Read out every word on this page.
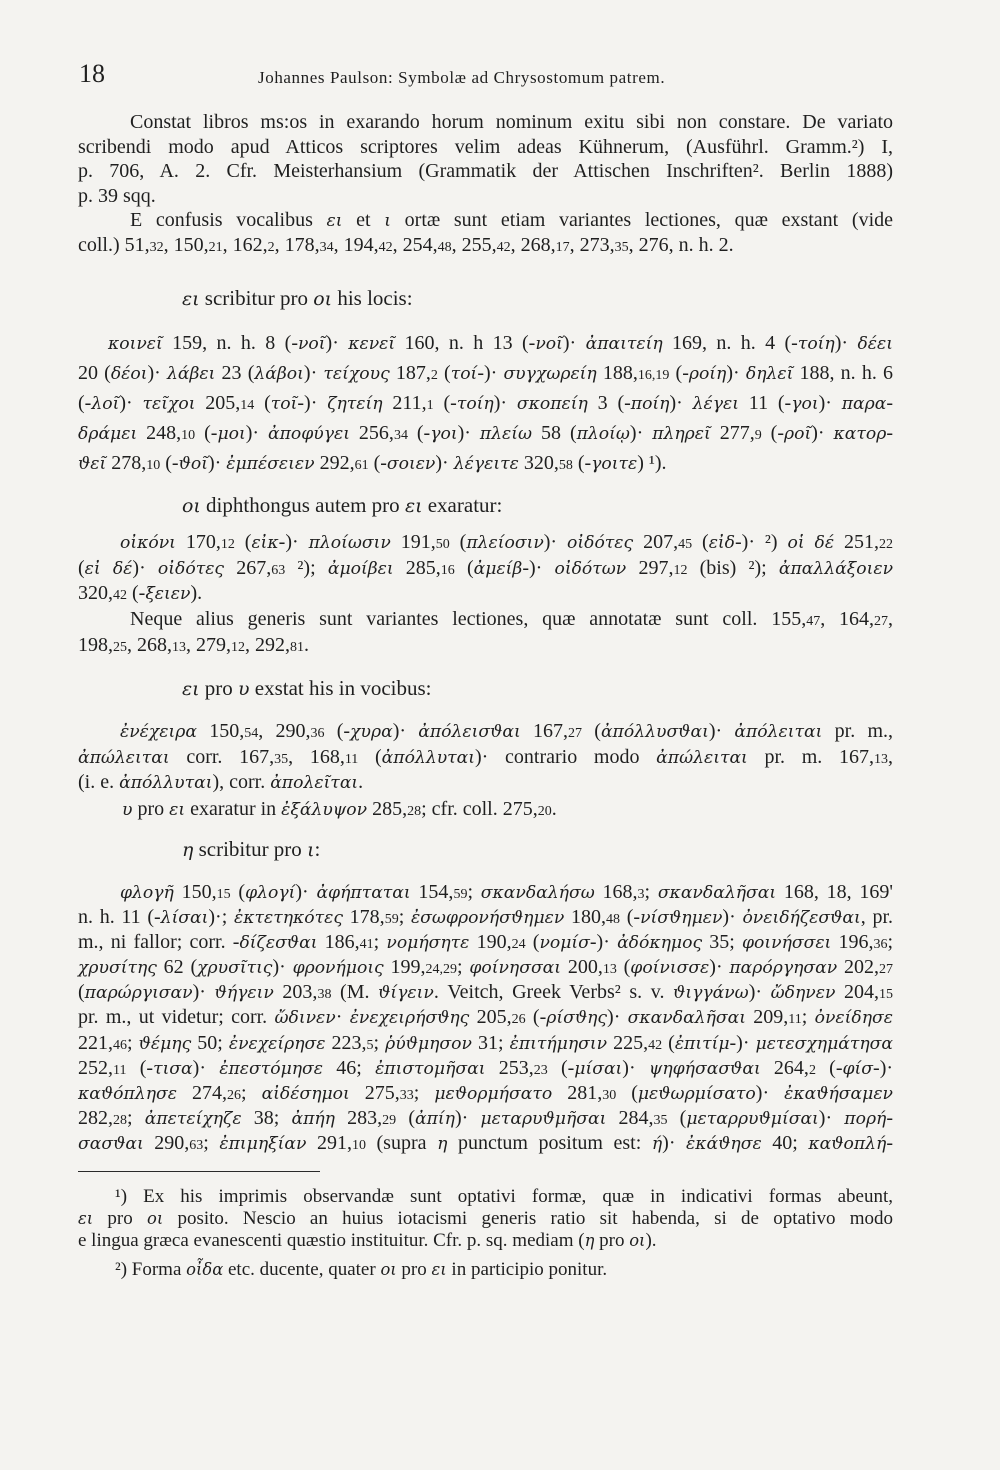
18	Johannes Paulson: Symbolæ ad Chrysostomum patrem.
Constat libros ms:os in exarando horum nominum exitu sibi non constare. De variato
scribendi modo apud Atticos scriptores velim adeas Kühnerum, (Ausführl. Gramm.²) I,
p. 706, A. 2. Cfr. Meisterhansium (Grammatik der Attischen Inschriften². Berlin 1888)
p. 39 sqq.
E confusis vocalibus ει et ι ortæ sunt etiam variantes lectiones, quæ exstant (vide
coll.) 51,32, 150,21, 162,2, 178,34, 194,42, 254,48, 255,42, 268,17, 273,35, 276, n. h. 2.
ει scribitur pro οι his locis:
κοινεῖ 159, n. h. 8 (-νοῖ)· κενεῖ 160, n. h 13 (-νοῖ)· ἀπαιτείη 169, n. h. 4 (-τοίη)· δέει
20 (δέοι)· λάβει 23 (λάβοι)· τείχους 187,2 (τοί-)· συγχωρείη 188,16,19 (-ροίη)· δηλεῖ 188, n. h. 6
(-λοῖ)· τεῖχοι 205,14 (τοῖ-)· ζητείη 211,1 (-τοίη)· σκοπείη 3 (-ποίη)· λέγει 11 (-γοι)· παρα-
δράμει 248,10 (-μοι)· ἀποφύγει 256,34 (-γοι)· πλείω 58 (πλοίῳ)· πληρεῖ 277,9 (-ροῖ)· κατορ-
ϑεῖ 278,10 (-ϑοῖ)· ἐμπέσειεν 292,61 (-σοιεν)· λέγειτε 320,58 (-γοιτε) ¹).
οι diphthongus autem pro ει exaratur:
οἰκόνι 170,12 (εἰκ-)· πλοίωσιν 191,50 (πλείοσιν)· οἰδότες 207,45 (εἰδ-)· ²) οἱ δέ 251,22
(εἰ δέ)· οἰδότες 267,63 ²); ἀμοίβει 285,16 (ἀμείβ-)· οἰδότων 297,12 (bis) ²); ἀπαλλάξοιεν
320,42 (-ξειεν).
Neque alius generis sunt variantes lectiones, quæ annotatæ sunt coll. 155,47, 164,27,
198,25, 268,13, 279,12, 292,81.
ει pro υ exstat his in vocibus:
ἐνέχειρα 150,54, 290,36 (-χυρα)· ἀπόλεισϑαι 167,27 (ἀπόλλυσϑαι)· ἀπόλειται pr. m.,
ἀπώλειται corr. 167,35, 168,11 (ἀπόλλυται)· contrario modo ἀπώλειται pr. m. 167,13,
(i. e. ἀπόλλυται), corr. ἀπολεῖται.
υ pro ει exaratur in ἐξάλυψον 285,28; cfr. coll. 275,20.
η scribitur pro ι:
φλογῆ 150,15 (φλογί)· ἀφήπταται 154,59; σκανδαλήσω 168,3; σκανδαλῆσαι 168, 18, 169'
n. h. 11 (-λίσαι)·; ἐκτετηκότες 178,59; ἐσωφρονήσϑημεν 180,48 (-νίσϑημεν)· ὀνειδήζεσϑαι, pr.
m., ni fallor; corr. -δίζεσϑαι 186,41; νομήσητε 190,24 (νομίσ-)· ἀδόκημος 35; φοινήσσει 196,36;
χρυσίτης 62 (χρυσῖτις)· φρονήμοις 199,24,29; φοίνησσαι 200,13 (φοίνισσε)· παρόργησαν 202,27
(παρώργισαν)· ϑήγειν 203,38 (M. ϑίγειν. Veitch, Greek Verbs² s. v. ϑιγγάνω)· ὤδηνεν 204,15
pr. m., ut videtur; corr. ὤδινεν· ἐνεχειρήσϑης 205,26 (-ρίσϑης)· σκανδαλῆσαι 209,11; ὀνείδησε
221,46; ϑέμης 50; ἐνεχείρησε 223,5; ῥύϑμησον 31; ἐπιτήμησιν 225,42 (ἐπιτίμ-)· μετεσχημάτησα
252,11 (-τισα)· ἐπεστόμησε 46; ἐπιστομῆσαι 253,23 (-μίσαι)· ψηφήσασϑαι 264,2 (-φίσ-)·
καϑόπλησε 274,26; αἰδέσημοι 275,33; μεϑορμήσατο 281,30 (μεϑωρμίσατο)· ἐκαϑήσαμεν
282,28; ἀπετείχηζε 38; ἀπήη 283,29 (ἀπίη)· μεταρυϑμῆσαι 284,35 (μεταρρυϑμίσαι)· πορή-
σασϑαι 290,63; ἐπιμηξίαν 291,10 (supra η punctum positum est: ή)· ἐκάϑησε 40; καϑοπλή-
¹) Ex his imprimis observandæ sunt optativi formæ, quæ in indicativi formas abeunt,
ει pro οι posito. Nescio an huius iotacismi generis ratio sit habenda, si de optativo modo
e lingua græca evanescenti quæstio instituitur. Cfr. p. sq. mediam (η pro οι).
²) Forma οἶδα etc. ducente, quater οι pro ει in participio ponitur.
